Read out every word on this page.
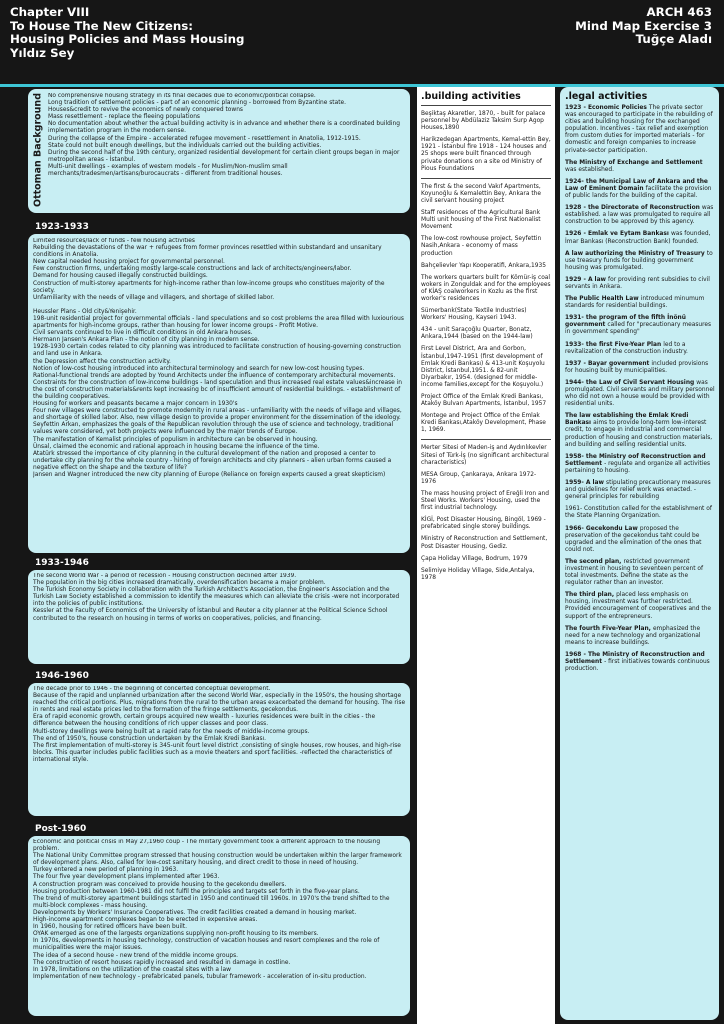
Chapter VIII
To House The New Citizens:
Housing Policies and Mass Housing
Yıldız Sey
ARCH 463
Mind Map Exercise 3
Tuğçe Aladı
Ottoman Background No comprehensive housing strategy in its final decades due to economic/political collapse.
Long tradition of settlement policies - part of an economic planning - borrowed from Byzantine state.
Houses&credit to revive the economics of newly conquered towns
Mass resettlement - replace the fleeing populations
No documentation about whether the actual building activity is in advance and whether there is a coordinated building implementation program in the modern sense.
During the collapse of the Empire - accelerated refugee movement - resettlement in Anatolia, 1912-1915.
State could not built enough dwellings, but the individuals carried out the building activities.
During the second half of the 19th century, organized residential development for certain client groups began in major metropolitan areas - İstanbul.
Multi-unit dwellings - examples of western models - for Muslim/Non-muslim small merchants/tradesmen/artisans/burocaucrats - different from traditional houses.
1923-1933
Limited resources/lack of funds - few housing activities
Rebuilding the devastations of the war + refugees from former provinces resettled within substandard and unsanitary conditions in Anatolia.
New capital needed housing project for governmental personnel.
Few construction firms, undertaking mostly large-scale constructions and lack of architects/engineers/labor.
Demand for housing caused illegally constructed buildings.
Construction of multi-storey apartments for high-income rather than low-income groups who constitues majority of the society.
Unfamiliarity with the needs of village and villagers, and shortage of skilled labor.
Heussler Plans - Old city&Yenişehir.
198-unit residential project for governmental officials - land speculations and so cost problems the area filled with luxiourious apartments for high-income groups, rather than housing for lower income groups - Profit Motive.
Civil servants continued to live in difficult conditions in old Ankara houses.
Hermann Jansen's Ankara Plan - the notion of city planning in modern sense.
1928-1930 certain codes related to city planning was introduced to facilitate construction of housing-governing construction and land use in Ankara.
the Depression affect the construction activity.
Notion of low-cost housing introduced into architectural terminology and search for new low-cost housing types.
Rational-functional trends are adopted by Yound Architects under the influence of contemporary architectural movements.
Constraints for the construction of low-income buildings - land speculation and thus increased real estate values&increase in the cost of construction materials&rents kept increasing bc of insufficient amount of residential buildings. - establishment of the building cooperatives.
Housing for workers and peasants became a major concern in 1930's
Four new villages were constructed to promote modernity in rural areas - unfamiliarity with the needs of village and villages, and shortage of skilled labor. Also, new village design to provide a proper environment for the dissemination of the ideology.
Seyfettin Arkan, emphasizes the goals of the Republican revolution through the use of science and technology, traditional values were considered, yet both projects were influenced by the major trends of Europe.
The manifestation of Kemalist principles of populism in architecture can be observed in housing.
Ünsal, claimed the economic and rational approach in housing became the influence of the time.
Atatürk stressed the importance of city planning in the cultural development of the nation and proposed a center to undertake city planning for the whole country - hiring of foreign architects and city planners - alien urban forms caused a negative effect on the shape and the texture of life?
Jansen and Wagner introduced the new city planning of Europe (Reliance on foreign experts caused a great skepticism)
1933-1946
The second World War - a period of recession - Housing construction declined after 1939.
The population in the big cities increased dramatically, overdensification became a major problem.
The Turkish Economy Society in collaboration with the Turkish Architect's Association, the Engineer's Association and the Turkish Law Society established a commission to identify the measures which can alleviate the crisis -were not incorporated into the policies of public institutions.
Kessler at the Faculty of Economics of the University of İstanbul and Reuter a city planner at the Political Science School contributed to the research on housing in terms of works on cooperatives, policies, and financing.
1946-1960
The decade prior to 1946 - the beginning of concerted conceptual development.
Because of the rapid and unplanned urbanization after the second World War, especially in the 1950's, the housing shortage reached the critical portions. Plus, migrations from the rural to the urban areas exacerbated the demand for housing. The rise in rents and real estate prices led to the formation of the fringe settlements, gecekondus.
Era of rapid economic growth, certain groups acquired new wealth - luxuries residences were built in the cities - the difference between the housing conditions of rich upper classes and poor class.
Multi-storey dwellings were being built at a rapid rate for the needs of middle-income groups.
The end of 1950's, house construction undertaken by the Emlak Kredi Bankası.
The first implementation of multi-storey is 345-unit fourt level district ,consisting of single houses, row houses, and high-rise blocks. This quarter includes public facilities such as a movie theaters and sport facilities. -reflected the characteristics of international style.
Post-1960
Economic and political crisis in May 27,1960 coup - The military government took a different approach to the housing problem.
The National Unity Committee program stressed that housing construction would be undertaken within the larger framework of development plans. Also, called for low-cost sanitary housing, and direct credit to those in need of housing.
Turkey entered a new period of planning in 1963.
The four five year development plans implemented after 1963.
A construction program was conceived to provide housing to the gecekondu dwellers.
Housing production between 1960-1981 did not fulfil the principles and targets set forth in the five-year plans.
The trend of multi-storey apartment buildings started in 1950 and continued till 1960s. In 1970's the trend shifted to the multi-block complexes - mass housing.
Developments by Workers' Insurance Cooperatives. The credit facilities created a demand in housing market.
High-income apartment complexes began to be erected in expensive areas.
In 1960, housing for retired officers have been built.
OYAK emerged as one of the largests organizations supplying non-profit housing to its members.
In 1970s, developments in housing technology, construction of vacation houses and resort complexes and the role of municipalities were the major issues.
The idea of a second house - new trend of the middle income groups.
The construction of resort houses rapidly increased and resulted in damage in costline.
In 1978, limitations on the utilization of the coastal sites with a law
Implementation of new technology - prefabricated panels, tubular framework - acceleration of in-situ production.
.building activities
Beşiktaş Akaretler, 1870, - built for palace personnel by Abdülaziz Taksim Surp Agop Houses,1890
Harikzedegan Apartments, Kemal-ettin Bey, 1921 - İstanbul fire 1918 - 124 houses and 25 shops were built financed through private donations on a site od Ministry of Pious Foundations
The first & the second Vakıf Apartments, Koyunoğlu & Kemalettin Bey, Ankara the civil servant housing project
Staff residences of the Agricultural Bank Multi unit housing of the First Nationalist Movement
The low-cost rowhouse project, Seyfettin Nasih,Ankara - economy of mass production
Bahçelievler Yapı Kooperatifi, Ankara,1935
The workers quarters built for Kömür-iş coal wokers in Zonguldak and for the employees of KİAŞ coalworkers in Kozlu as the first worker's residences
Sümerbank(State Textile Industries) Workers' Housing, Kayseri 1943.
434 - unit Saraçoğlu Quarter, Bonatz, Ankara,1944 (based on the 1944-law)
First Level District, Ara and Gorbon, İstanbul,1947-1951 (first development of Emlak Kredi Bankası) & 413-unit Koşuyolu District, İstanbul,1951. & 82-unit Diyarbakır, 1954. (designed for middle-income families,except for the Koşuyolu.)
Project Office of the Emlak Kredi Bankası, Ataköy Bulvarı Apartments, İstanbul, 1957
Montege and Project Office of the Emlak Kredi Bankası,Ataköy Development, Phase 1, 1969.
Merter Sitesi of Maden-iş and Aydınlıkevler Sitesi of Türk-İş (no significant architectural characteristics)
MESA Group, Çankaraya, Ankara 1972-1976
The mass housing project of Ereğli Iron and Steel Works. Workers' Housing, used the first industrial technology.
KİGİ, Post Disaster Housing, Bingöl, 1969 - prefabricated single storey buildings.
Ministry of Reconstruction and Settlement, Post Disaster Housing, Gediz.
Çapa Holiday Village, Bodrum, 1979
Selimiye Holiday Village, Side,Antalya, 1978
.legal activities
1923 - Economic Policies The private sector was encouraged to participate in the rebuilding of cities and building housing for the exchanged population. Incentives - tax relief and exemption from custom duties for imported materials - for domestic and foreign companies to increase private-sector participation.
The Ministry of Exchange and Settlement was established.
1924- the Municipal Law of Ankara and the Law of Eminent Domain facilitate the provision of public lands for the building of the capital.
1928 - the Directorate of Reconstruction was established. a law was promulgated to require all construction to be approved by this agency.
1926 - Emlak ve Eytam Bankası was founded, İmar Bankası (Reconstruction Bank) founded.
A law authorizing the Ministry of Treasury to use treasury funds for building government housing was promulgated.
1929 - A law for providing rent subsidies to civil servants in Ankara.
The Public Health Law introduced minumum standards for residential buildings.
1931- the program of the fifth İnönü government called for "precautionary measures in government spending"
1933- the first Five-Year Plan led to a revitalization of the construction industry.
1937 - Bayar government included provisions for housing built by municipalities.
1944- the Law of Civil Servant Housing was promulgated. Civil servants and military personnel who did not own a house would be provided with residential units.
The law establishing the Emlak Kredi Bankası aims to provide long-term low-interest credit, to engage in industrial and commercial production of housing and construction materials, and building and selling residential units.
1958- the Ministry oof Reconstruction and Settlement - regulate and organize all activities pertaining to housing.
1959- A law stipulating precautionary measures and guidelines for relief work was enacted. - general principles for rebuilding
1961- Constitution called for the establishment of the State Planning Organization.
1966- Gecekondu Law proposed the preservation of the gecekondus taht could be upgraded and the elimination of the ones that could not.
The second plan, restricted government investment in housing to seventeen percent of total investments. Define the state as the regulator rather than an investor.
The third plan, placed less emphasis on housing, investment was further restricted. Provided encouragement of cooperatives and the support of the entrepreneurs.
The fourth Five-Year Plan, emphasized the need for a new technology and organizational means to increase buildings.
1968 - The Ministry of Reconstruction and Settlement - first initiatives towards continuous production.
